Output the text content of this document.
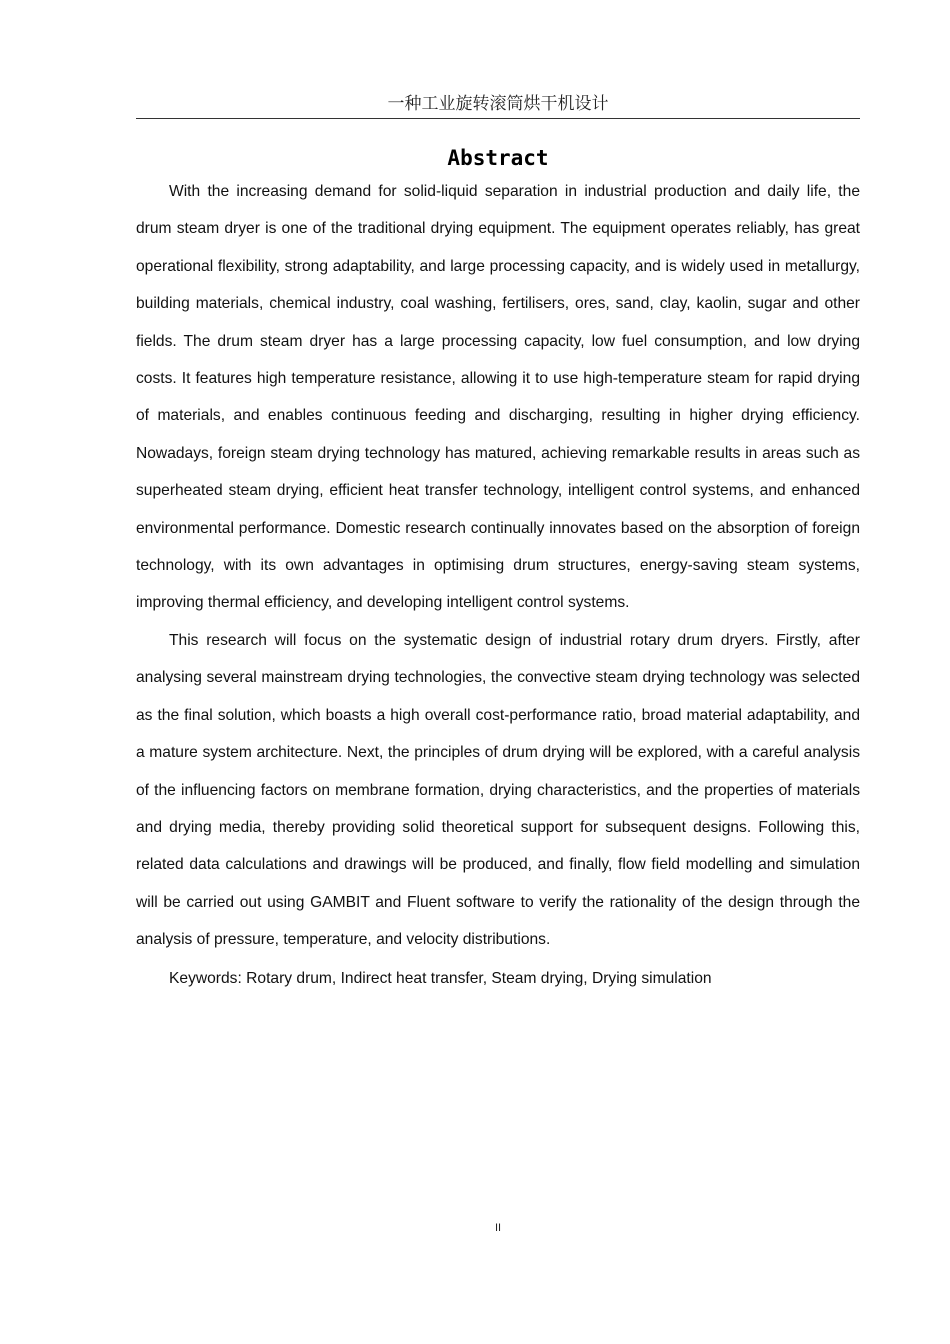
一种工业旋转滚筒烘干机设计
Abstract

With the increasing demand for solid-liquid separation in industrial production and daily life, the drum steam dryer is one of the traditional drying equipment. The equipment operates reliably, has great operational flexibility, strong adaptability, and large processing capacity, and is widely used in metallurgy, building materials, chemical industry, coal washing, fertilisers, ores, sand, clay, kaolin, sugar and other fields. The drum steam dryer has a large processing capacity, low fuel consumption, and low drying costs. It features high temperature resistance, allowing it to use high-temperature steam for rapid drying of materials, and enables continuous feeding and discharging, resulting in higher drying efficiency. Nowadays, foreign steam drying technology has matured, achieving remarkable results in areas such as superheated steam drying, efficient heat transfer technology, intelligent control systems, and enhanced environmental performance. Domestic research continually innovates based on the absorption of foreign technology, with its own advantages in optimising drum structures, energy-saving steam systems, improving thermal efficiency, and developing intelligent control systems.

This research will focus on the systematic design of industrial rotary drum dryers. Firstly, after analysing several mainstream drying technologies, the convective steam drying technology was selected as the final solution, which boasts a high overall cost-performance ratio, broad material adaptability, and a mature system architecture. Next, the principles of drum drying will be explored, with a careful analysis of the influencing factors on membrane formation, drying characteristics, and the properties of materials and drying media, thereby providing solid theoretical support for subsequent designs. Following this, related data calculations and drawings will be produced, and finally, flow field modelling and simulation will be carried out using GAMBIT and Fluent software to verify the rationality of the design through the analysis of pressure, temperature, and velocity distributions.

Keywords: Rotary drum, Indirect heat transfer, Steam drying, Drying simulation

II
